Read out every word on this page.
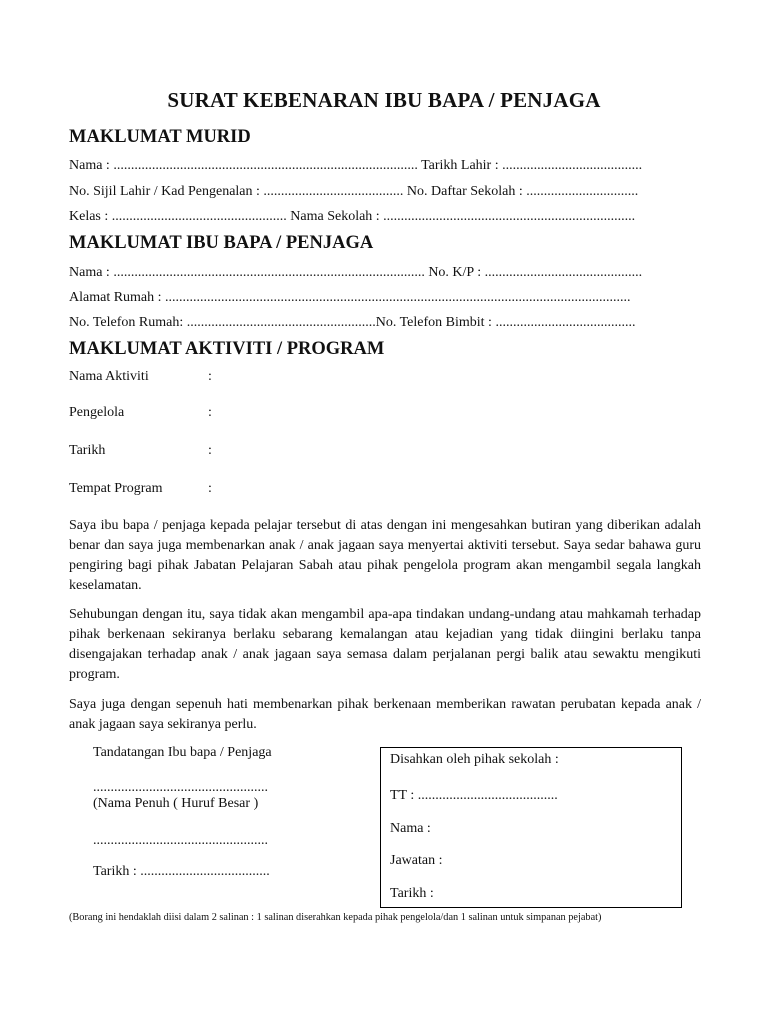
SURAT KEBENARAN IBU BAPA / PENJAGA
MAKLUMAT MURID
Nama : ....................................................................................... Tarikh Lahir : ........................................
No. Sijil Lahir / Kad Pengenalan : ........................................ No. Daftar Sekolah : ................................
Kelas : .................................................. Nama Sekolah : ........................................................................
MAKLUMAT IBU BAPA / PENJAGA
Nama : ......................................................................................... No. K/P : .............................................
Alamat Rumah : .....................................................................................................................................
No. Telefon Rumah: ......................................................No. Telefon Bimbit : ........................................
MAKLUMAT AKTIVITI / PROGRAM
Nama Aktiviti	:
Pengelola	:
Tarikh	:
Tempat Program	:
Saya ibu bapa / penjaga kepada pelajar tersebut di atas dengan ini mengesahkan butiran yang diberikan adalah benar dan saya juga membenarkan anak / anak jagaan saya menyertai aktiviti tersebut. Saya sedar bahawa guru pengiring bagi pihak Jabatan Pelajaran Sabah atau pihak pengelola program akan mengambil segala langkah keselamatan.
Sehubungan dengan itu, saya tidak akan mengambil apa-apa tindakan undang-undang atau mahkamah terhadap pihak berkenaan sekiranya berlaku sebarang kemalangan atau kejadian yang tidak diingini berlaku tanpa disengajakan terhadap anak / anak jagaan saya semasa dalam perjalanan pergi balik atau sewaktu mengikuti program.
Saya juga dengan sepenuh hati membenarkan pihak berkenaan memberikan rawatan perubatan kepada anak / anak jagaan saya sekiranya perlu.
Tandatangan Ibu bapa / Penjaga
..................................................
(Nama Penuh ( Huruf Besar )
..................................................
Tarikh : .....................................
Disahkan oleh pihak sekolah :
TT : ........................................
Nama :
Jawatan :
Tarikh :
(Borang ini hendaklah diisi dalam 2 salinan : 1 salinan diserahkan kepada pihak pengelola/dan 1 salinan untuk simpanan pejabat)
